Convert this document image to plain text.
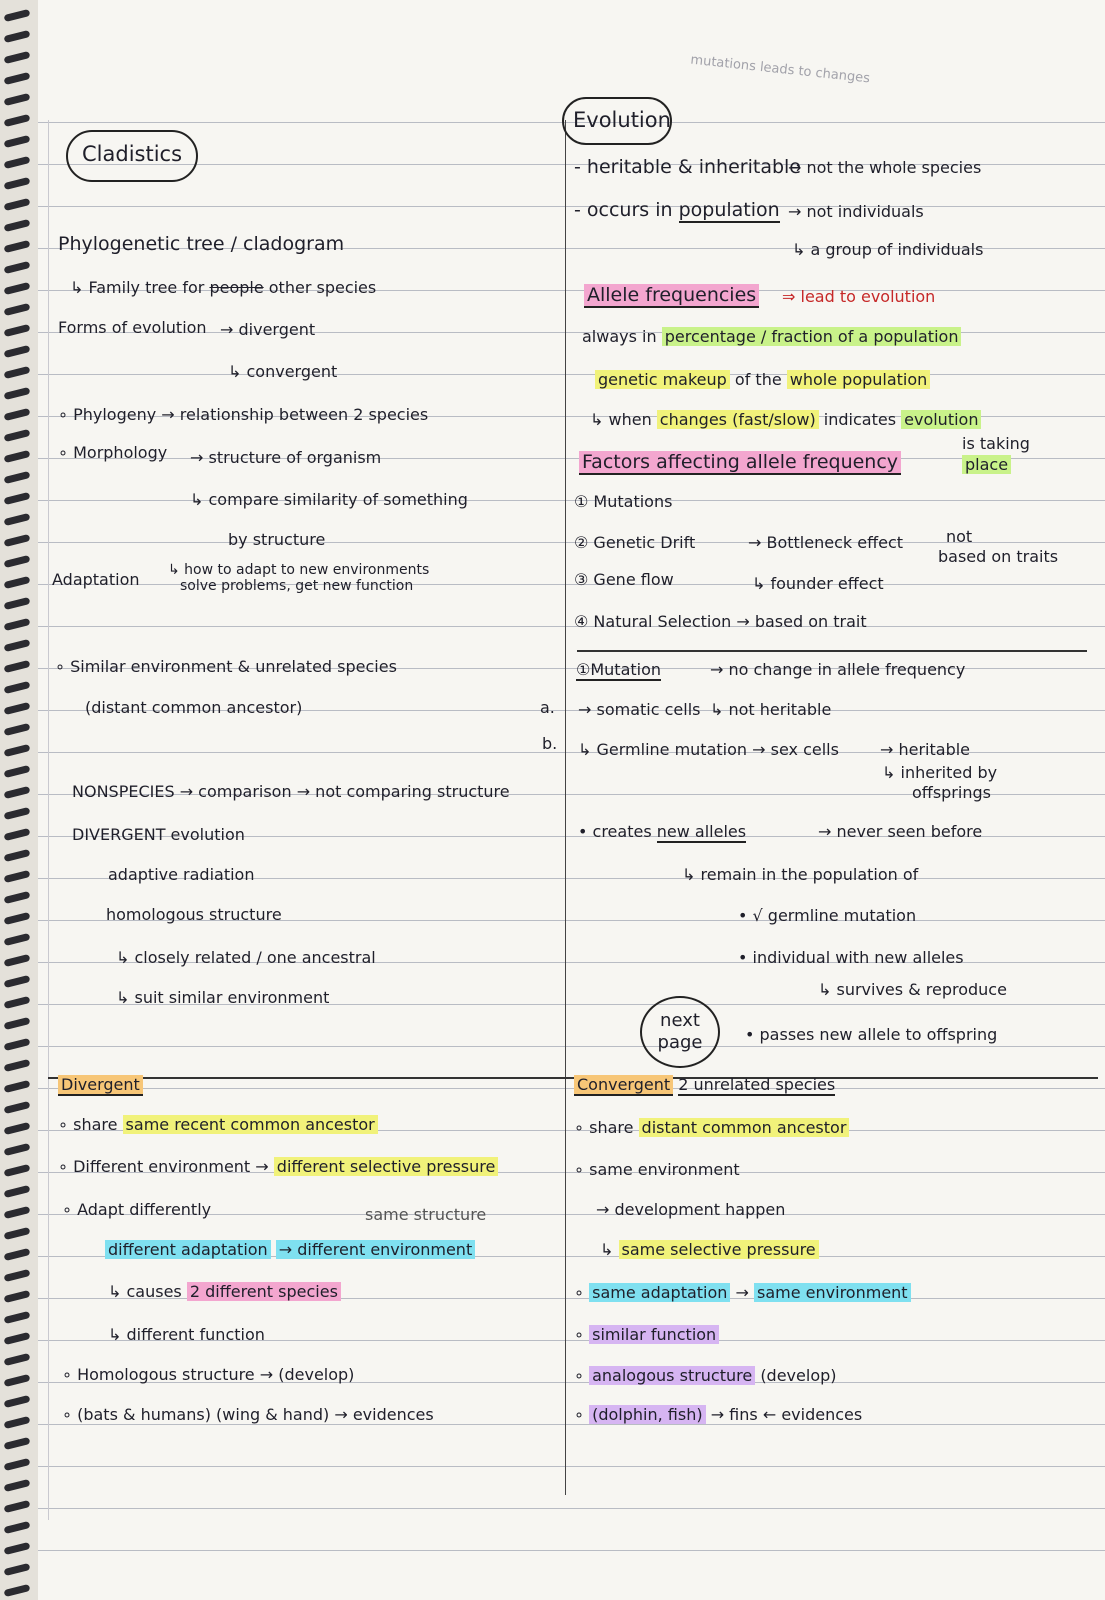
mutations leads to changes
Cladistics
Phylogenetic tree / cladogram
↳ Family tree for people other species
Forms of evolution → divergent
↳ convergent
∘ Phylogeny → relationship between 2 species
∘ Morphology → structure of organism
↳ compare similarity of something
by structure
Adaptation ↳ how to adapt to new environments
solve problems, get new function
∘ Similar environment & unrelated species
(distant common ancestor)	a.
b.
NONSPECIES → comparison → not comparing structure
DIVERGENT evolution
adaptive radiation
homologous structure
↳ closely related / one ancestral
↳ suit similar environment
Evolution
- heritable & inheritable
- occurs in population
→ not the whole species
→ not individuals
↳ a group of individuals
Allele frequencies ⇒ lead to evolution
always in percentage / fraction of a population
genetic makeup of the whole population
↳ when changes (fast/slow) indicates evolution
is taking
place
Factors affecting allele frequency
① Mutations
② Genetic Drift	→ Bottleneck effect
↳ founder effect
not
based on traits
③ Gene flow
④ Natural Selection → based on trait
①Mutation	→ no change in allele frequency
→ somatic cells ↳ not heritable
↳ Germline mutation → sex cells	→ heritable
↳ inherited by
offsprings
• creates new alleles	→ never seen before
↳ remain in the population of
• √ germline mutation
• individual with new alleles
↳ survives & reproduce
next
page	• passes new allele to offspring
Divergent
∘ share same recent common ancestor
∘ Different environment → different selective pressure
∘ Adapt differently	same structure
different adaptation → different environment
↳ causes 2 different species
↳ different function
∘ Homologous structure → (develop)
∘ (bats & humans) (wing & hand) → evidences
Convergent 2 unrelated species
∘ share distant common ancestor
∘ same environment
→ development happen
↳ same selective pressure
∘ same adaptation → same environment
∘ similar function
∘ analogous structure (develop)
∘ (dolphin, fish) → fins ← evidences
